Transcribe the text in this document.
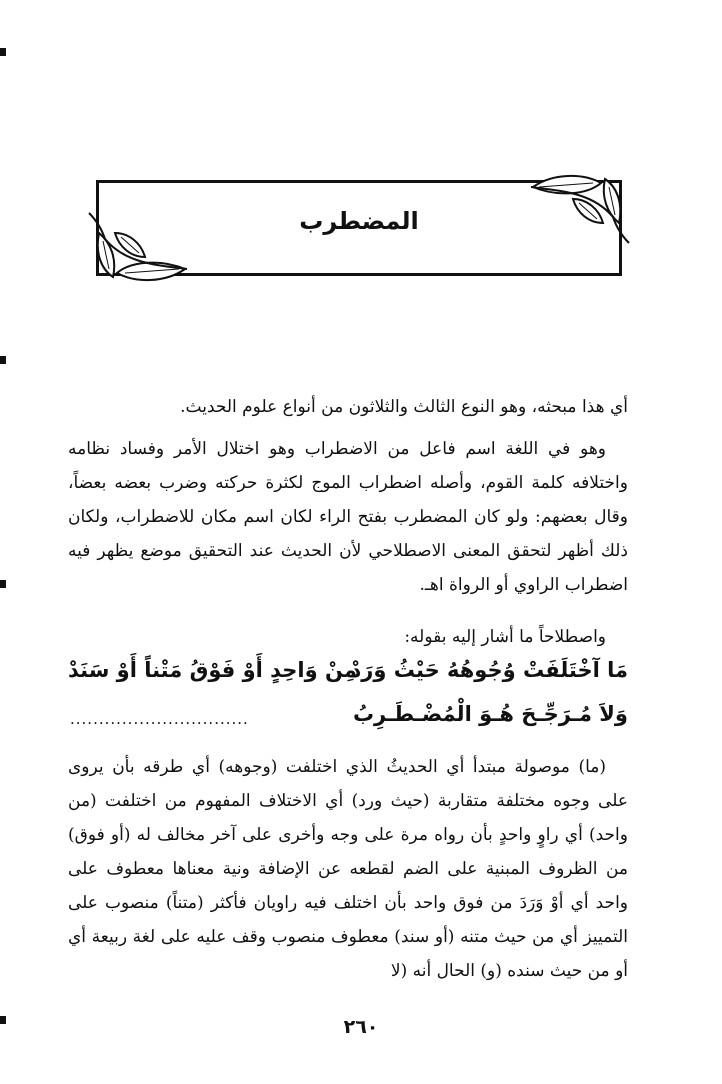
المضطرب

أي هذا مبحثه، وهو النوع الثالث والثلاثون من أنواع علوم الحديث.

وهو في اللغة اسم فاعل من الاضطراب وهو اختلال الأمر وفساد نظامه واختلافه كلمة القوم، وأصله اضطراب الموج لكثرة حركته وضرب بعضه بعضاً، وقال بعضهم: ولو كان المضطرب بفتح الراء لكان اسم مكان للاضطراب، ولكان ذلك أظهر لتحقق المعنى الاصطلاحي لأن الحديث عند التحقيق موضع يظهر فيه اضطراب الراوي أو الرواة اهـ.

واصطلاحاً ما أشار إليه بقوله:

مَا آخْتَلَفَتْ وُجُوهُهُ حَيْثُ وَرَدْ
مِنْ وَاحِدٍ أَوْ فَوْقُ مَتْناً أَوْ سَنَدْ
وَلاَ مُـرَجِّـحَ هُـوَ الْمُضْـطَـرِبُ
...............................

(ما) موصولة مبتدأ أي الحديثُ الذي اختلفت (وجوهه) أي طرقه بأن يروى على وجوه مختلفة متقاربة (حيث ورد) أي الاختلاف المفهوم من اختلفت (من واحد) أي راوٍ واحدٍ بأن رواه مرة على وجه وأخرى على آخر مخالف له (أو فوق) من الظروف المبنية على الضم لقطعه عن الإضافة ونية معناها معطوف على واحد أي أوْ وَرَدَ من فوق واحد بأن اختلف فيه راويان فأكثر (متناً) منصوب على التمييز أي من حيث متنه (أو سند) معطوف منصوب وقف عليه على لغة ربيعة أي أو من حيث سنده (و) الحال أنه (لا

٢٦٠
